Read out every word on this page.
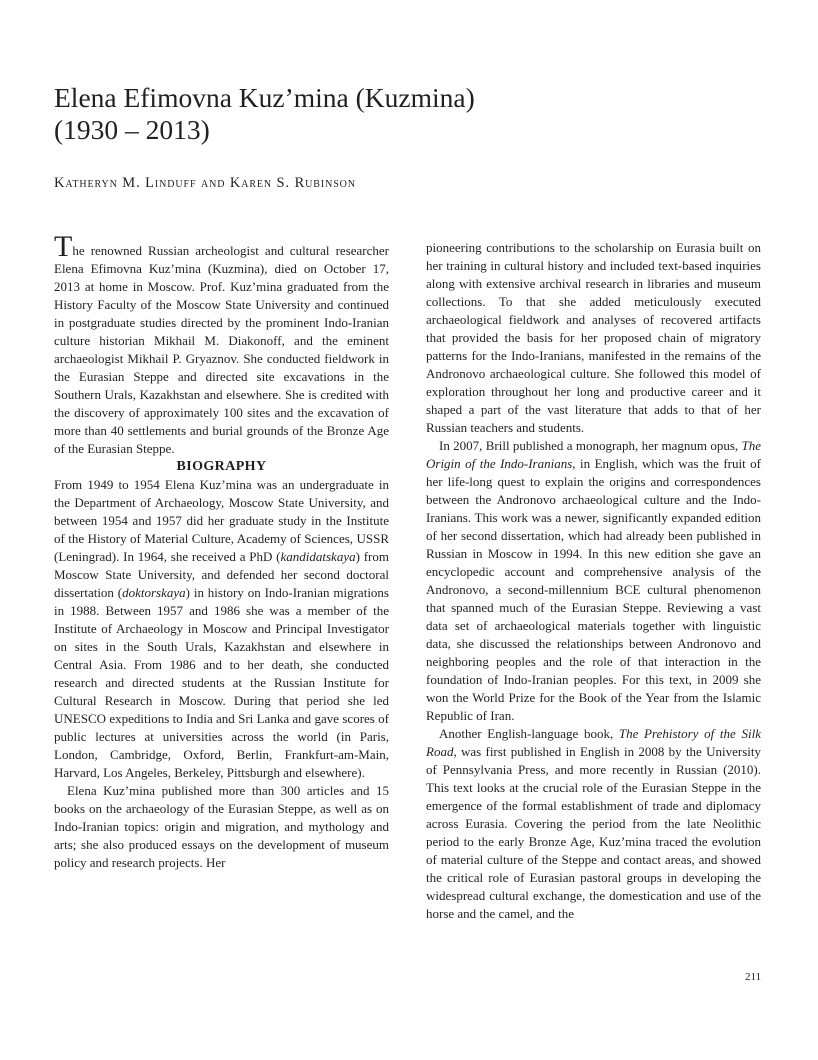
Elena Efimovna Kuz’mina (Kuzmina)
(1930 – 2013)
Katheryn M. Linduff and Karen S. Rubinson

The renowned Russian archeologist and cultural researcher Elena Efimovna Kuz’mina (Kuzmina), died on October 17, 2013 at home in Moscow. Prof. Kuz’mina graduated from the History Faculty of the Moscow State University and continued in postgraduate studies directed by the prominent Indo-Iranian culture historian Mikhail M. Diakonoff, and the eminent archaeologist Mikhail P. Gryaznov. She conducted fieldwork in the Eurasian Steppe and directed site excavations in the Southern Urals, Kazakhstan and elsewhere. She is credited with the discovery of approximately 100 sites and the excavation of more than 40 settlements and burial grounds of the Bronze Age of the Eurasian Steppe.

BIOGRAPHY

From 1949 to 1954 Elena Kuz’mina was an undergraduate in the Department of Archaeology, Moscow State University, and between 1954 and 1957 did her graduate study in the Institute of the History of Material Culture, Academy of Sciences, USSR (Leningrad). In 1964, she received a PhD (kandidatskaya) from Moscow State University, and defended her second doctoral dissertation (doktorskaya) in history on Indo-Iranian migrations in 1988. Between 1957 and 1986 she was a member of the Institute of Archaeology in Moscow and Principal Investigator on sites in the South Urals, Kazakhstan and elsewhere in Central Asia. From 1986 and to her death, she conducted research and directed students at the Russian Institute for Cultural Research in Moscow. During that period she led UNESCO expeditions to India and Sri Lanka and gave scores of public lectures at universities across the world (in Paris, London, Cambridge, Oxford, Berlin, Frankfurt-am-Main, Harvard, Los Angeles, Berkeley, Pittsburgh and elsewhere).

Elena Kuz’mina published more than 300 articles and 15 books on the archaeology of the Eurasian Steppe, as well as on Indo-Iranian topics: origin and migration, and mythology and arts; she also produced essays on the development of museum policy and research projects. Her

pioneering contributions to the scholarship on Eurasia built on her training in cultural history and included text-based inquiries along with extensive archival research in libraries and museum collections. To that she added meticulously executed archaeological fieldwork and analyses of recovered artifacts that provided the basis for her proposed chain of migratory patterns for the Indo-Iranians, manifested in the remains of the Andronovo archaeological culture. She followed this model of exploration throughout her long and productive career and it shaped a part of the vast literature that adds to that of her Russian teachers and students.

In 2007, Brill published a monograph, her magnum opus, The Origin of the Indo-Iranians, in English, which was the fruit of her life-long quest to explain the origins and correspondences between the Andronovo archaeological culture and the Indo-Iranians. This work was a newer, significantly expanded edition of her second dissertation, which had already been published in Russian in Moscow in 1994. In this new edition she gave an encyclopedic account and comprehensive analysis of the Andronovo, a second-millennium BCE cultural phenomenon that spanned much of the Eurasian Steppe. Reviewing a vast data set of archaeological materials together with linguistic data, she discussed the relationships between Andronovo and neighboring peoples and the role of that interaction in the foundation of Indo-Iranian peoples. For this text, in 2009 she won the World Prize for the Book of the Year from the Islamic Republic of Iran.

Another English-language book, The Prehistory of the Silk Road, was first published in English in 2008 by the University of Pennsylvania Press, and more recently in Russian (2010). This text looks at the crucial role of the Eurasian Steppe in the emergence of the formal establishment of trade and diplomacy across Eurasia. Covering the period from the late Neolithic period to the early Bronze Age, Kuz’mina traced the evolution of material culture of the Steppe and contact areas, and showed the critical role of Eurasian pastoral groups in developing the widespread cultural exchange, the domestication and use of the horse and the camel, and the

211
